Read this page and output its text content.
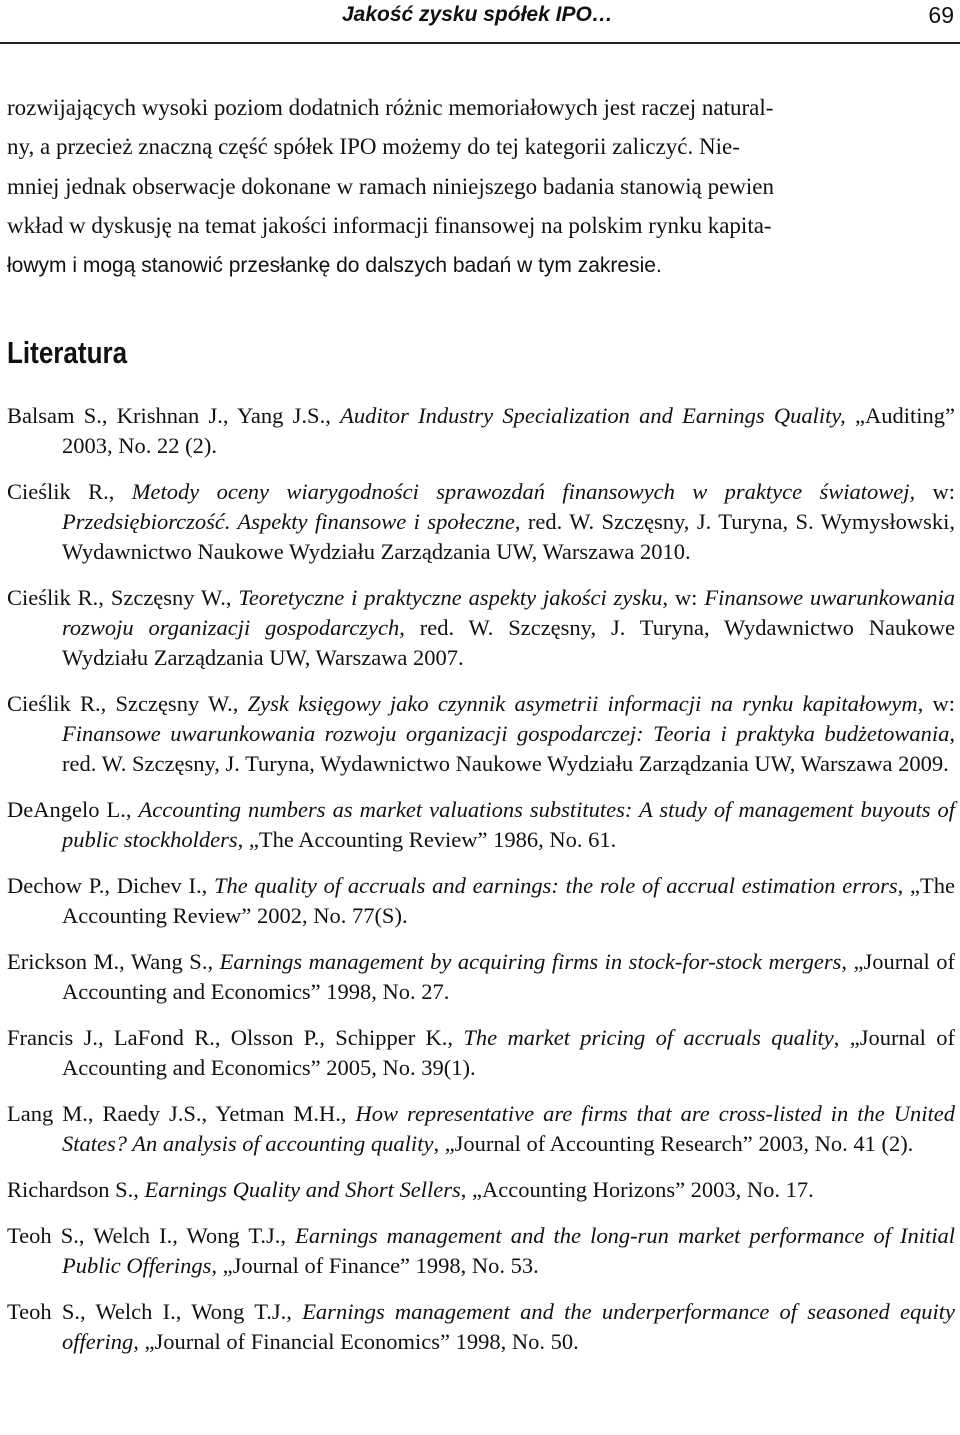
Jakość zysku spółek IPO…	69
rozwijających wysoki poziom dodatnich różnic memoriałowych jest raczej natural-
ny, a przecież znaczną część spółek IPO możemy do tej kategorii zaliczyć. Nie-
mniej jednak obserwacje dokonane w ramach niniejszego badania stanowią pewien
wkład w dyskusję na temat jakości informacji finansowej na polskim rynku kapita-
łowym i mogą stanowić przesłankę do dalszych badań w tym zakresie.
Literatura
Balsam S., Krishnan J., Yang J.S., Auditor Industry Specialization and Earnings Quality, „Auditing” 2003, No. 22 (2).
Cieślik R., Metody oceny wiarygodności sprawozdań finansowych w praktyce światowej, w: Przedsiębiorczość. Aspekty finansowe i społeczne, red. W. Szczęsny, J. Turyna, S. Wymysłowski, Wydawnictwo Naukowe Wydziału Zarządzania UW, Warszawa 2010.
Cieślik R., Szczęsny W., Teoretyczne i praktyczne aspekty jakości zysku, w: Finansowe uwarunkowania rozwoju organizacji gospodarczych, red. W. Szczęsny, J. Turyna, Wydawnictwo Naukowe Wydziału Zarządzania UW, Warszawa 2007.
Cieślik R., Szczęsny W., Zysk księgowy jako czynnik asymetrii informacji na rynku kapitałowym, w: Finansowe uwarunkowania rozwoju organizacji gospodarczej: Teoria i praktyka budżetowania, red. W. Szczęsny, J. Turyna, Wydawnictwo Naukowe Wydziału Zarządzania UW, Warszawa 2009.
DeAngelo L., Accounting numbers as market valuations substitutes: A study of management buyouts of public stockholders, „The Accounting Review” 1986, No. 61.
Dechow P., Dichev I., The quality of accruals and earnings: the role of accrual estimation errors, „The Accounting Review” 2002, No. 77(S).
Erickson M., Wang S., Earnings management by acquiring firms in stock-for-stock mergers, „Journal of Accounting and Economics” 1998, No. 27.
Francis J., LaFond R., Olsson P., Schipper K., The market pricing of accruals quality, „Journal of Accounting and Economics” 2005, No. 39(1).
Lang M., Raedy J.S., Yetman M.H., How representative are firms that are cross-listed in the United States? An analysis of accounting quality, „Journal of Accounting Research” 2003, No. 41 (2).
Richardson S., Earnings Quality and Short Sellers, „Accounting Horizons” 2003, No. 17.
Teoh S., Welch I., Wong T.J., Earnings management and the long-run market performance of Initial Public Offerings, „Journal of Finance” 1998, No. 53.
Teoh S., Welch I., Wong T.J., Earnings management and the underperformance of seasoned equity offering, „Journal of Financial Economics” 1998, No. 50.
